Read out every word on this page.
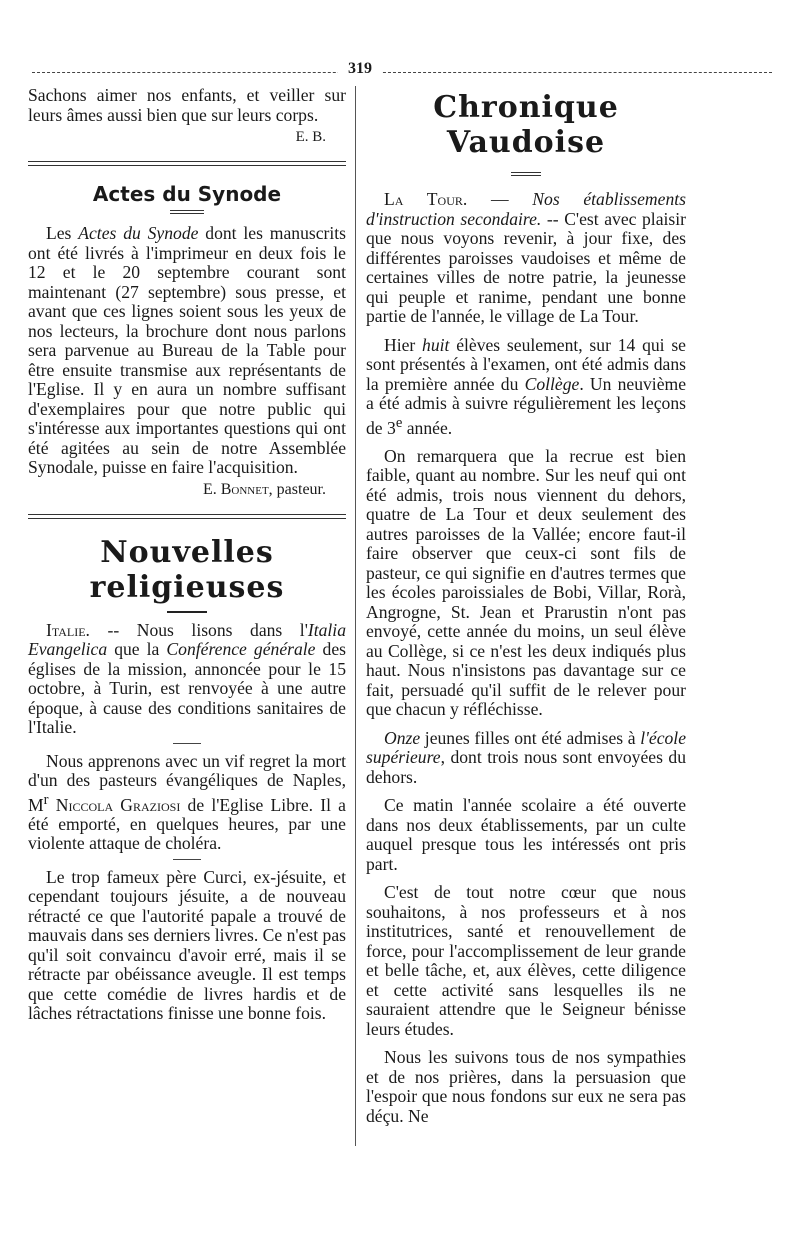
319

Sachons aimer nos enfants, et veiller sur leurs âmes aussi bien que sur leurs corps.

E. B.
Actes du Synode

Les Actes du Synode dont les manuscrits ont été livrés à l'imprimeur en deux fois le 12 et le 20 septembre courant sont maintenant (27 septembre) sous presse, et avant que ces lignes soient sous les yeux de nos lecteurs, la brochure dont nous parlons sera parvenue au Bureau de la Table pour être ensuite transmise aux représentants de l'Eglise. Il y en aura un nombre suffisant d'exemplaires pour que notre public qui s'intéresse aux importantes questions qui ont été agitées au sein de notre Assemblée Synodale, puisse en faire l'acquisition.

E. Bonnet, pasteur.
Nouvelles religieuses

Italie. -- Nous lisons dans l'Italia Evangelica que la Conférence générale des églises de la mission, annoncée pour le 15 octobre, à Turin, est renvoyée à une autre époque, à cause des conditions sanitaires de l'Italie.

Nous apprenons avec un vif regret la mort d'un des pasteurs évangéliques de Naples, $M^r$ Niccola Graziosi de l'Eglise Libre. Il a été emporté, en quelques heures, par une violente attaque de choléra.

Le trop fameux père Curci, ex-jésuite, et cependant toujours jésuite, a de nouveau rétracté ce que l'autorité papale a trouvé de mauvais dans ses derniers livres. Ce n'est pas qu'il soit convaincu d'avoir erré, mais il se rétracte par obéissance aveugle. Il est temps que cette comédie de livres hardis et de lâches rétractations finisse une bonne fois.

Chronique Vaudoise

La Tour. — Nos établissements d'instruction secondaire. -- C'est avec plaisir que nous voyons revenir, à jour fixe, des différentes paroisses vaudoises et même de certaines villes de notre patrie, la jeunesse qui peuple et ranime, pendant une bonne partie de l'année, le village de La Tour.

Hier huit élèves seulement, sur 14 qui se sont présentés à l'examen, ont été admis dans la première année du Collège. Un neuvième a été admis à suivre régulièrement les leçons de 3e année.

On remarquera que la recrue est bien faible, quant au nombre. Sur les neuf qui ont été admis, trois nous viennent du dehors, quatre de La Tour et deux seulement des autres paroisses de la Vallée; encore faut-il faire observer que ceux-ci sont fils de pasteur, ce qui signifie en d'autres termes que les écoles paroissiales de Bobi, Villar, Rorà, Angrogne, St. Jean et Prarustin n'ont pas envoyé, cette année du moins, un seul élève au Collège, si ce n'est les deux indiqués plus haut. Nous n'insistons pas davantage sur ce fait, persuadé qu'il suffit de le relever pour que chacun y réfléchisse.

Onze jeunes filles ont été admises à l'école supérieure, dont trois nous sont envoyées du dehors.

Ce matin l'année scolaire a été ouverte dans nos deux établissements, par un culte auquel presque tous les intéressés ont pris part.

C'est de tout notre cœur que nous souhaitons, à nos professeurs et à nos institutrices, santé et renouvellement de force, pour l'accomplissement de leur grande et belle tâche, et, aux élèves, cette diligence et cette activité sans lesquelles ils ne sauraient attendre que le Seigneur bénisse leurs études.

Nous les suivons tous de nos sympathies et de nos prières, dans la persuasion que l'espoir que nous fondons sur eux ne sera pas déçu. Ne
